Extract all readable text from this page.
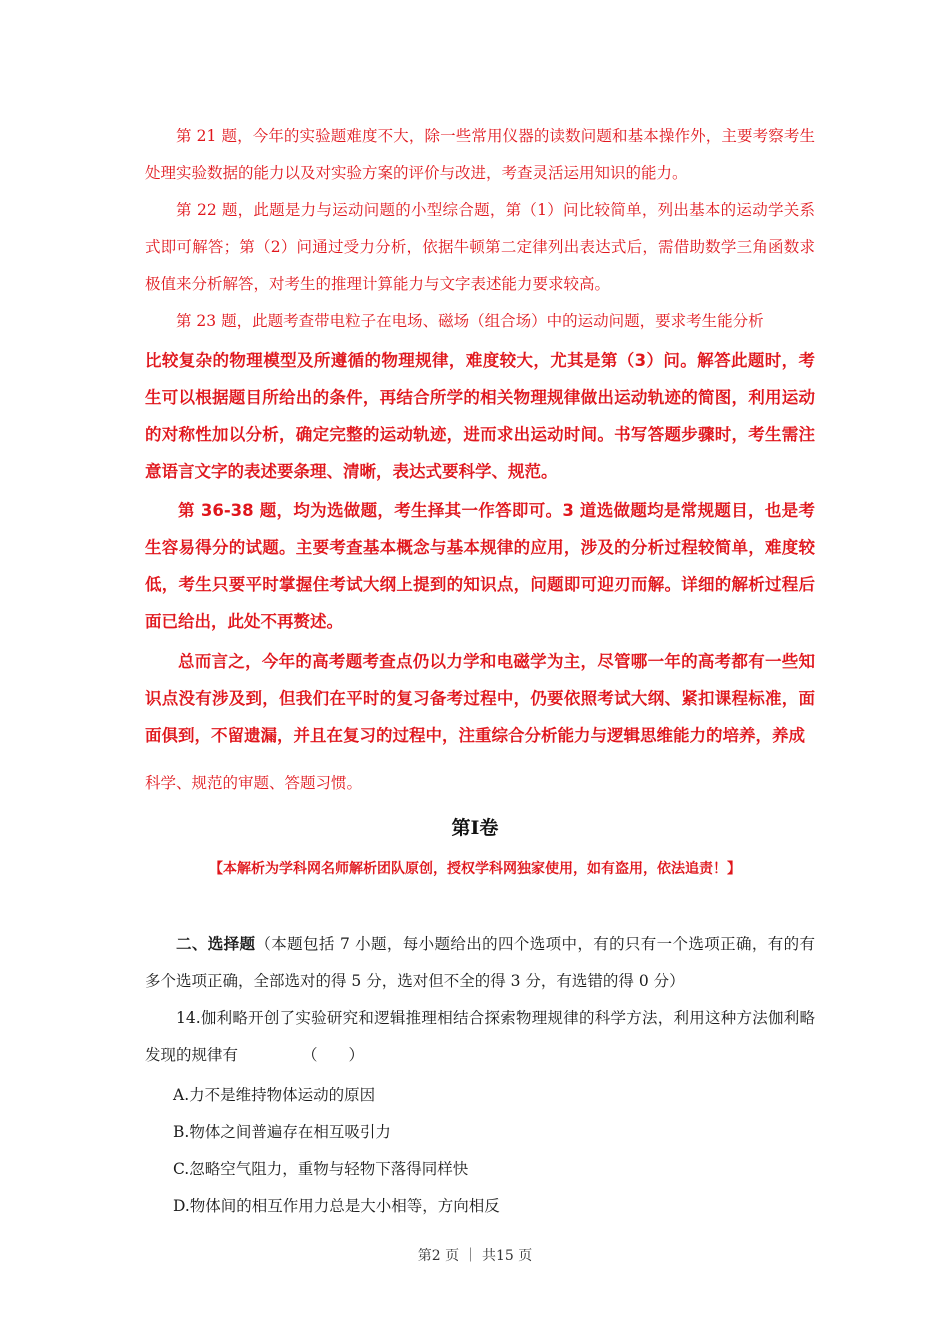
第 21 题，今年的实验题难度不大，除一些常用仪器的读数问题和基本操作外，主要考察考生处理实验数据的能力以及对实验方案的评价与改进，考查灵活运用知识的能力。

第 22 题，此题是力与运动问题的小型综合题，第（1）问比较简单，列出基本的运动学关系式即可解答；第（2）问通过受力分析，依据牛顿第二定律列出表达式后，需借助数学三角函数求极值来分析解答，对考生的推理计算能力与文字表述能力要求较高。

第 23 题，此题考查带电粒子在电场、磁场（组合场）中的运动问题，要求考生能分析

比较复杂的物理模型及所遵循的物理规律，难度较大，尤其是第（3）问。解答此题时，考生可以根据题目所给出的条件，再结合所学的相关物理规律做出运动轨迹的简图，利用运动的对称性加以分析，确定完整的运动轨迹，进而求出运动时间。书写答题步骤时，考生需注意语言文字的表述要条理、清晰，表达式要科学、规范。

第 36-38 题，均为选做题，考生择其一作答即可。3 道选做题均是常规题目，也是考生容易得分的试题。主要考查基本概念与基本规律的应用，涉及的分析过程较简单，难度较低，考生只要平时掌握住考试大纲上提到的知识点，问题即可迎刃而解。详细的解析过程后面已给出，此处不再赘述。

总而言之，今年的高考题考查点仍以力学和电磁学为主，尽管哪一年的高考都有一些知识点没有涉及到，但我们在平时的复习备考过程中，仍要依照考试大纲、紧扣课程标准，面面俱到，不留遗漏，并且在复习的过程中，注重综合分析能力与逻辑思维能力的培养，养成

科学、规范的审题、答题习惯。

第I卷
【本解析为学科网名师解析团队原创，授权学科网独家使用，如有盗用，依法追责！】

二、选择题（本题包括 7 小题，每小题给出的四个选项中，有的只有一个选项正确，有的有多个选项正确，全部选对的得 5 分，选对但不全的得 3 分，有选错的得 0 分）

14.伽利略开创了实验研究和逻辑推理相结合探索物理规律的科学方法，利用这种方法伽利略发现的规律有	（　　）

A.力不是维持物体运动的原因
B.物体之间普遍存在相互吸引力
C.忽略空气阻力，重物与轻物下落得同样快
D.物体间的相互作用力总是大小相等，方向相反
第2 页 ｜ 共15 页
